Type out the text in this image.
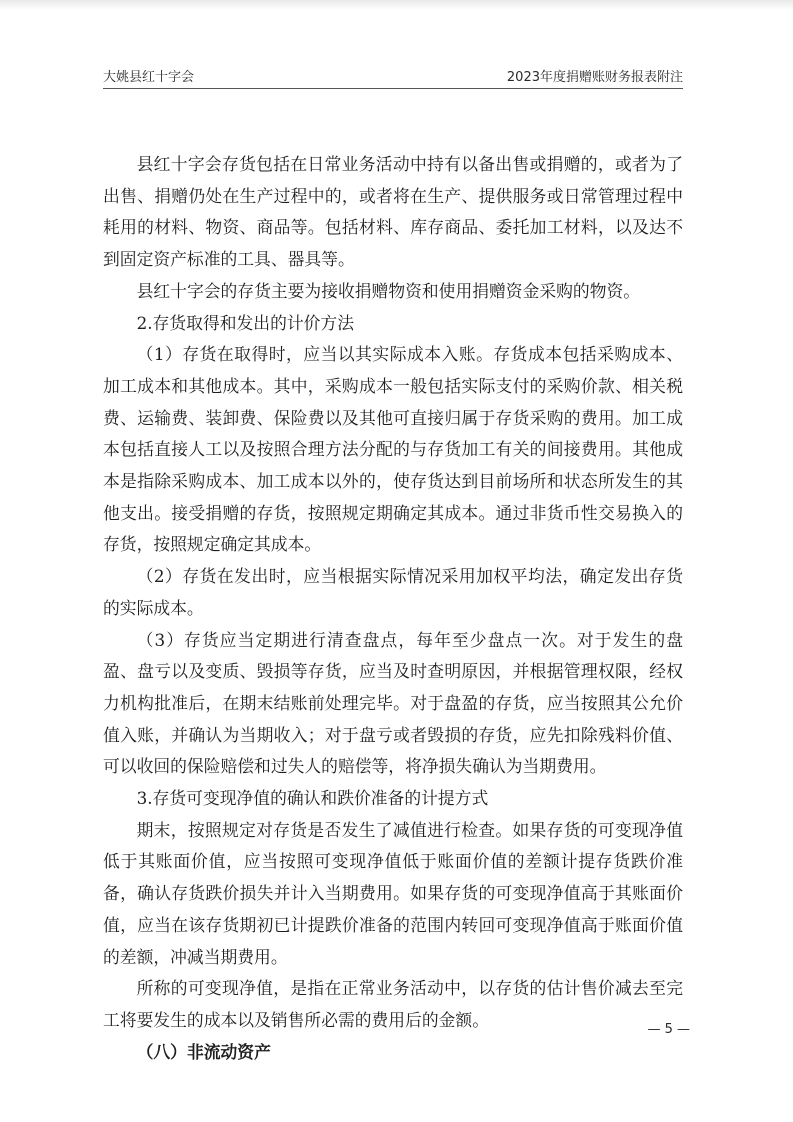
大姚县红十字会	2023年度捐赠账财务报表附注

县红十字会存货包括在日常业务活动中持有以备出售或捐赠的，或者为了出售、捐赠仍处在生产过程中的，或者将在生产、提供服务或日常管理过程中耗用的材料、物资、商品等。包括材料、库存商品、委托加工材料，以及达不到固定资产标准的工具、器具等。

县红十字会的存货主要为接收捐赠物资和使用捐赠资金采购的物资。

2.存货取得和发出的计价方法

（1）存货在取得时，应当以其实际成本入账。存货成本包括采购成本、加工成本和其他成本。其中，采购成本一般包括实际支付的采购价款、相关税费、运输费、装卸费、保险费以及其他可直接归属于存货采购的费用。加工成本包括直接人工以及按照合理方法分配的与存货加工有关的间接费用。其他成本是指除采购成本、加工成本以外的，使存货达到目前场所和状态所发生的其他支出。接受捐赠的存货，按照规定期确定其成本。通过非货币性交易换入的存货，按照规定确定其成本。

（2）存货在发出时，应当根据实际情况采用加权平均法，确定发出存货的实际成本。

（3）存货应当定期进行清查盘点，每年至少盘点一次。对于发生的盘盈、盘亏以及变质、毁损等存货，应当及时查明原因，并根据管理权限，经权力机构批准后，在期末结账前处理完毕。对于盘盈的存货，应当按照其公允价值入账，并确认为当期收入；对于盘亏或者毁损的存货，应先扣除残料价值、可以收回的保险赔偿和过失人的赔偿等，将净损失确认为当期费用。

3.存货可变现净值的确认和跌价准备的计提方式

期末，按照规定对存货是否发生了减值进行检查。如果存货的可变现净值低于其账面价值，应当按照可变现净值低于账面价值的差额计提存货跌价准备，确认存货跌价损失并计入当期费用。如果存货的可变现净值高于其账面价值，应当在该存货期初已计提跌价准备的范围内转回可变现净值高于账面价值的差额，冲减当期费用。

所称的可变现净值，是指在正常业务活动中，以存货的估计售价减去至完工将要发生的成本以及销售所必需的费用后的金额。

（八）非流动资产

— 5 —
